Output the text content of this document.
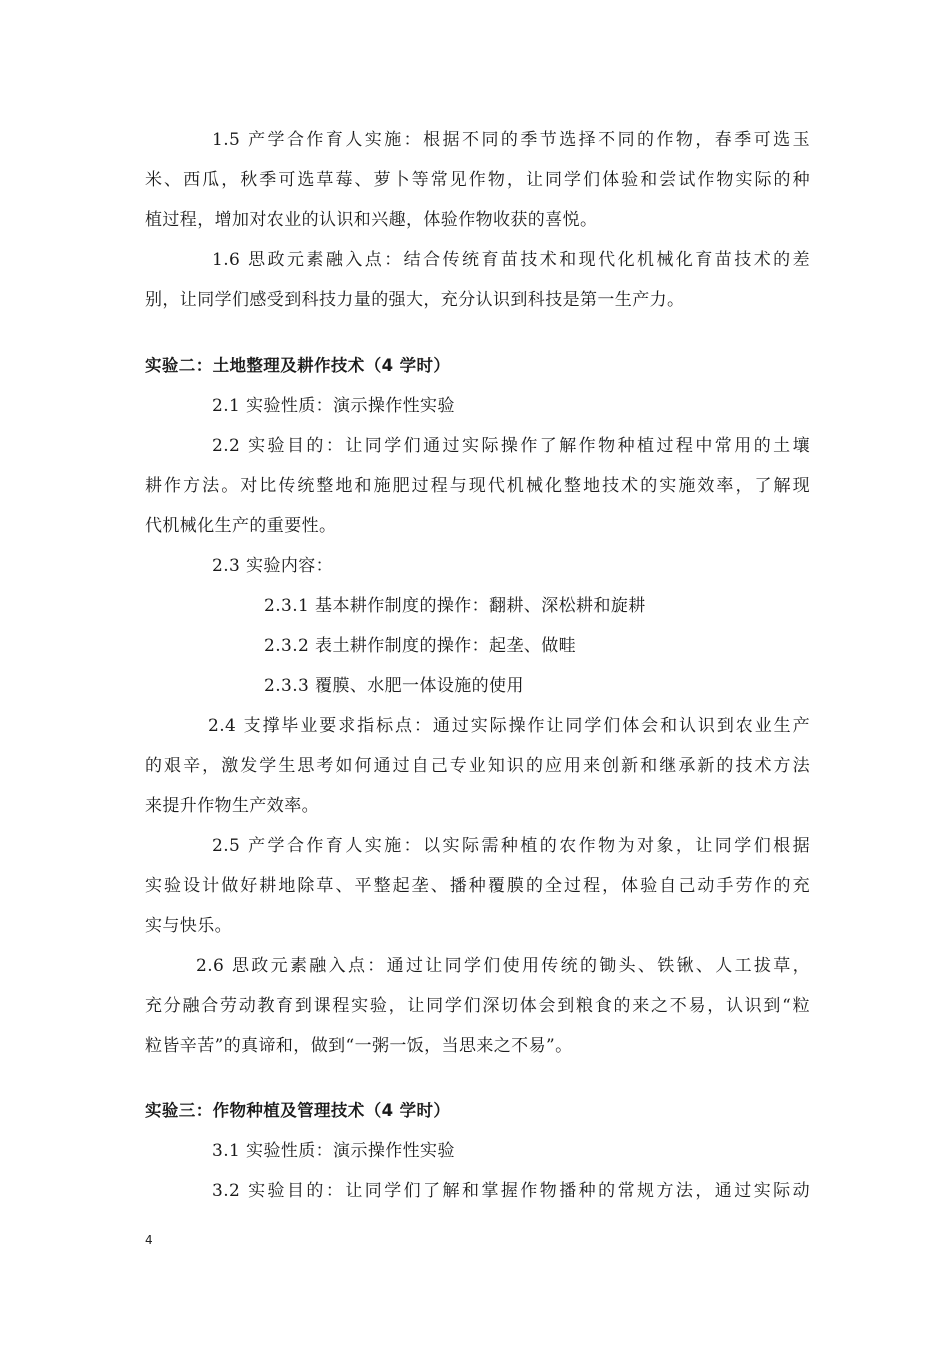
1.5 产学合作育人实施：根据不同的季节选择不同的作物，春季可选玉
米、西瓜，秋季可选草莓、萝卜等常见作物，让同学们体验和尝试作物实际的种
植过程，增加对农业的认识和兴趣，体验作物收获的喜悦。
1.6 思政元素融入点：结合传统育苗技术和现代化机械化育苗技术的差
别，让同学们感受到科技力量的强大，充分认识到科技是第一生产力。
实验二：土地整理及耕作技术（4 学时）
2.1 实验性质：演示操作性实验
2.2 实验目的：让同学们通过实际操作了解作物种植过程中常用的土壤
耕作方法。对比传统整地和施肥过程与现代机械化整地技术的实施效率，了解现
代机械化生产的重要性。
2.3 实验内容：
2.3.1 基本耕作制度的操作：翻耕、深松耕和旋耕
2.3.2 表土耕作制度的操作：起垄、做畦
2.3.3 覆膜、水肥一体设施的使用
2.4 支撑毕业要求指标点：通过实际操作让同学们体会和认识到农业生产
的艰辛，激发学生思考如何通过自己专业知识的应用来创新和继承新的技术方法
来提升作物生产效率。
2.5 产学合作育人实施：以实际需种植的农作物为对象，让同学们根据
实验设计做好耕地除草、平整起垄、播种覆膜的全过程，体验自己动手劳作的充
实与快乐。
2.6 思政元素融入点：通过让同学们使用传统的锄头、铁锹、人工拔草，
充分融合劳动教育到课程实验，让同学们深切体会到粮食的来之不易，认识到“粒
粒皆辛苦”的真谛和，做到“一粥一饭，当思来之不易”。
实验三：作物种植及管理技术（4 学时）
3.1 实验性质：演示操作性实验
3.2 实验目的：让同学们了解和掌握作物播种的常规方法，通过实际动
4
